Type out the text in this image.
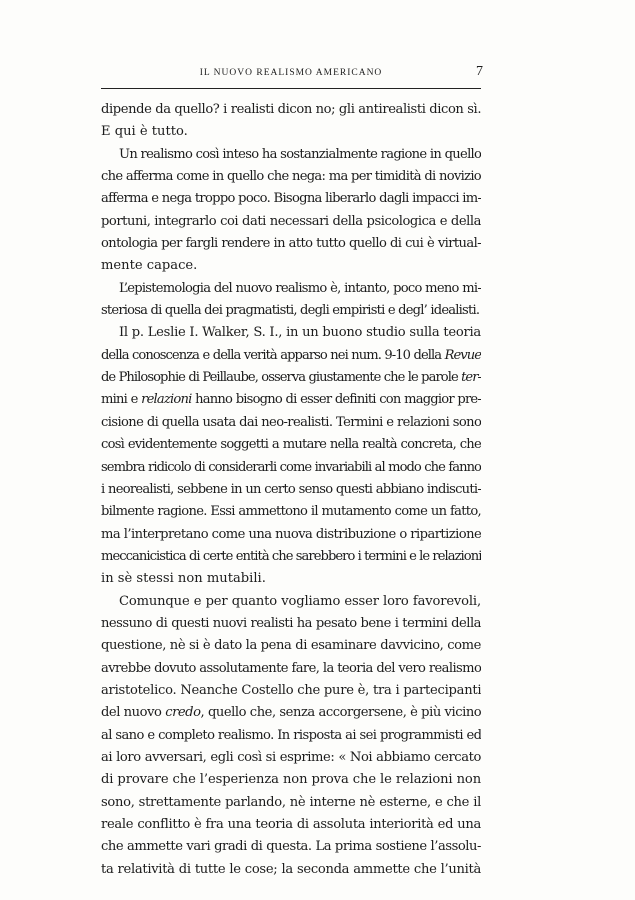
IL NUOVO REALISMO AMERICANO	7

dipende da quello? i realisti dicon no; gli antirealisti dicon sì.
E qui è tutto.

Un realismo così inteso ha sostanzialmente ragione in quello
che afferma come in quello che nega: ma per timidità di novizio
afferma e nega troppo poco. Bisogna liberarlo dagli impacci im-
portuni, integrarlo coi dati necessari della psicologica e della
ontologia per fargli rendere in atto tutto quello di cui è virtual-
mente capace.

L’epistemologia del nuovo realismo è, intanto, poco meno mi-
steriosa di quella dei pragmatisti, degli empiristi e degl’ idealisti.

Il p. Leslie I. Walker, S. I., in un buono studio sulla teoria
della conoscenza e della verità apparso nei num. 9-10 della Revue
de Philosophie di Peillaube, osserva giustamente che le parole ter-
mini e relazioni hanno bisogno di esser definiti con maggior pre-
cisione di quella usata dai neo-realisti. Termini e relazioni sono
così evidentemente soggetti a mutare nella realtà concreta, che
sembra ridicolo di considerarli come invariabili al modo che fanno
i neorealisti, sebbene in un certo senso questi abbiano indiscuti-
bilmente ragione. Essi ammettono il mutamento come un fatto,
ma l’interpretano come una nuova distribuzione o ripartizione
meccanicistica di certe entità che sarebbero i termini e le relazioni
in sè stessi non mutabili.

Comunque e per quanto vogliamo esser loro favorevoli,
nessuno di questi nuovi realisti ha pesato bene i termini della
questione, nè si è dato la pena di esaminare davvicino, come
avrebbe dovuto assolutamente fare, la teoria del vero realismo
aristotelico. Neanche Costello che pure è, tra i partecipanti
del nuovo credo, quello che, senza accorgersene, è più vicino
al sano e completo realismo. In risposta ai sei programmisti ed
ai loro avversari, egli così si esprime: « Noi abbiamo cercato
di provare che l’esperienza non prova che le relazioni non
sono, strettamente parlando, nè interne nè esterne, e che il
reale conflitto è fra una teoria di assoluta interiorità ed una
che ammette vari gradi di questa. La prima sostiene l’assolu-
ta relatività di tutte le cose; la seconda ammette che l’unità
